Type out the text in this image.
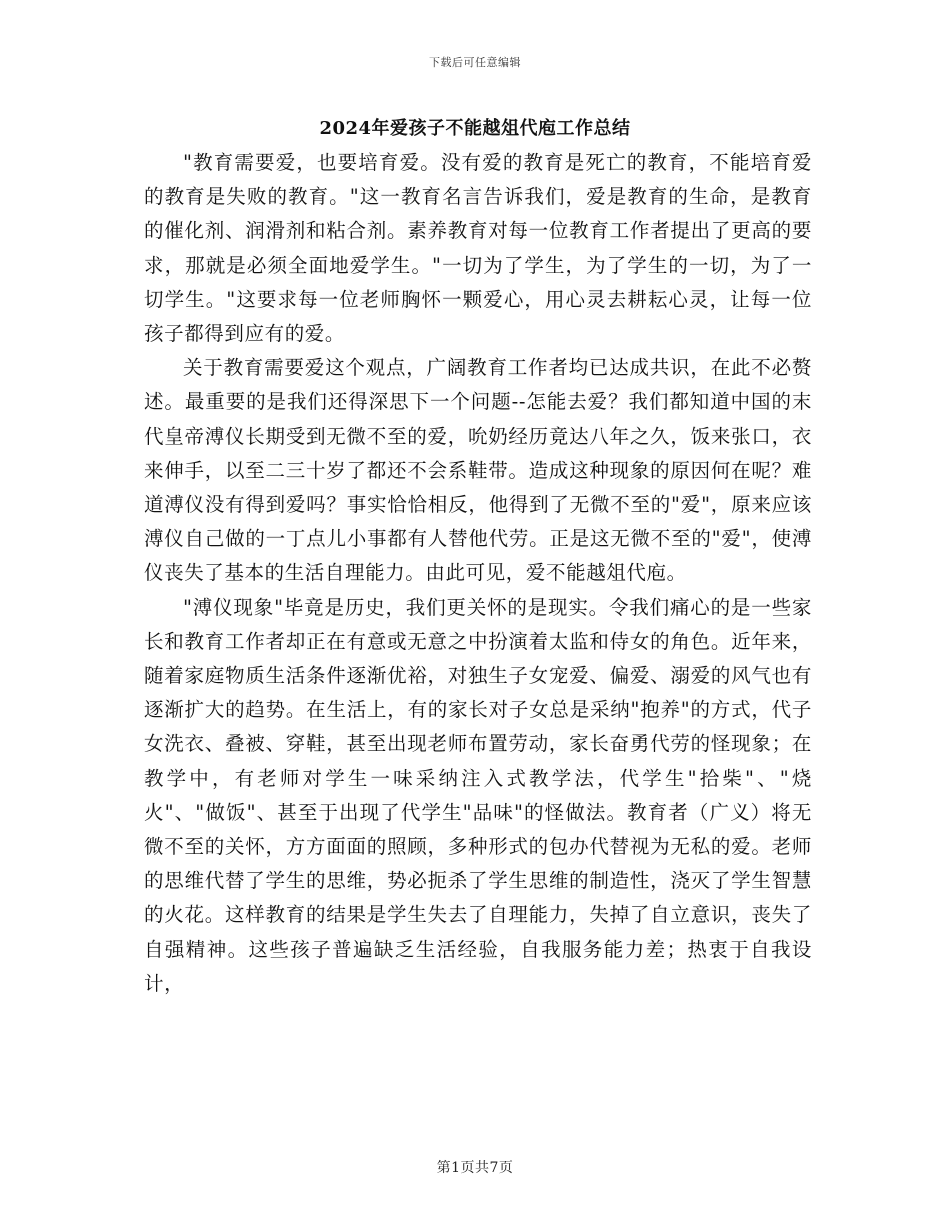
下载后可任意编辑
2024年爱孩子不能越俎代庖工作总结

"教育需要爱，也要培育爱。没有爱的教育是死亡的教育，不能培育爱的教育是失败的教育。"这一教育名言告诉我们，爱是教育的生命，是教育的催化剂、润滑剂和粘合剂。素养教育对每一位教育工作者提出了更高的要求，那就是必须全面地爱学生。"一切为了学生，为了学生的一切，为了一切学生。"这要求每一位老师胸怀一颗爱心，用心灵去耕耘心灵，让每一位孩子都得到应有的爱。

关于教育需要爱这个观点，广阔教育工作者均已达成共识，在此不必赘述。最重要的是我们还得深思下一个问题--怎能去爱？我们都知道中国的末代皇帝溥仪长期受到无微不至的爱，吮奶经历竟达八年之久，饭来张口，衣来伸手，以至二三十岁了都还不会系鞋带。造成这种现象的原因何在呢？难道溥仪没有得到爱吗？事实恰恰相反，他得到了无微不至的"爱"，原来应该溥仪自己做的一丁点儿小事都有人替他代劳。正是这无微不至的"爱"，使溥仪丧失了基本的生活自理能力。由此可见，爱不能越俎代庖。

"溥仪现象"毕竟是历史，我们更关怀的是现实。令我们痛心的是一些家长和教育工作者却正在有意或无意之中扮演着太监和侍女的角色。近年来，随着家庭物质生活条件逐渐优裕，对独生子女宠爱、偏爱、溺爱的风气也有逐渐扩大的趋势。在生活上，有的家长对子女总是采纳"抱养"的方式，代子女洗衣、叠被、穿鞋，甚至出现老师布置劳动，家长奋勇代劳的怪现象；在教学中，有老师对学生一味采纳注入式教学法，代学生"拾柴"、"烧火"、"做饭"、甚至于出现了代学生"品味"的怪做法。教育者（广义）将无微不至的关怀，方方面面的照顾，多种形式的包办代替视为无私的爱。老师的思维代替了学生的思维，势必扼杀了学生思维的制造性，浇灭了学生智慧的火花。这样教育的结果是学生失去了自理能力，失掉了自立意识，丧失了自强精神。这些孩子普遍缺乏生活经验，自我服务能力差；热衷于自我设计，

第1页共7页
